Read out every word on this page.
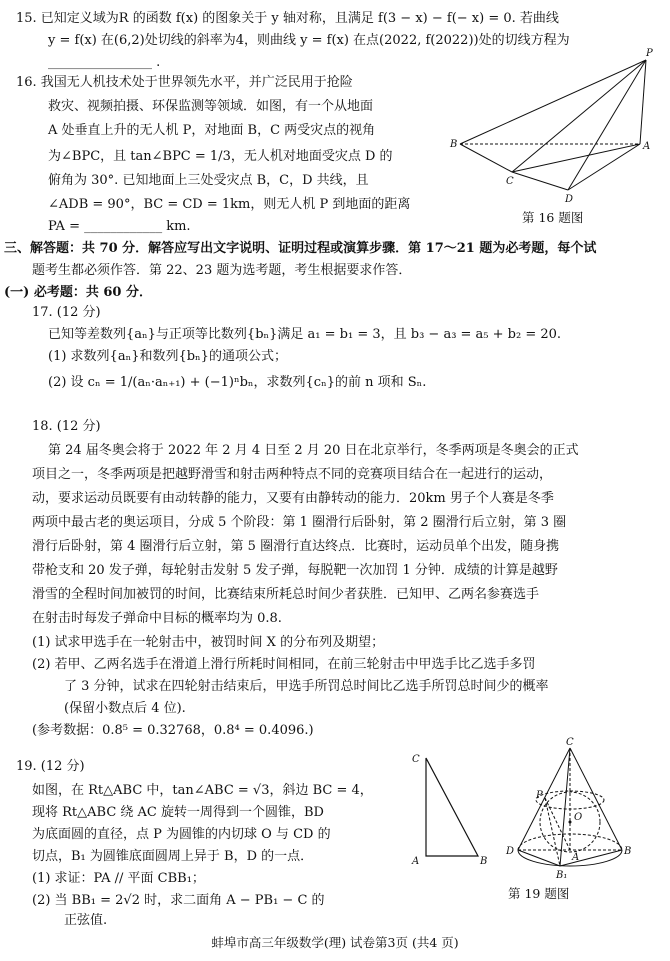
15. 已知定义域为R 的函数 f(x) 的图象关于 y 轴对称，且满足 f(3 − x) − f(− x) = 0. 若曲线
y = f(x) 在(6,2)处切线的斜率为4，则曲线 y = f(x) 在点(2022, f(2022))处的切线方程为
________________ .
16. 我国无人机技术处于世界领先水平，并广泛民用于抢险
救灾、视频拍摄、环保监测等领域．如图，有一个从地面
A 处垂直上升的无人机 P，对地面 B，C 两受灾点的视角
为∠BPC，且 tan∠BPC = 1/3，无人机对地面受灾点 D 的
俯角为 30°. 已知地面上三处受灾点 B，C，D 共线，且
∠ADB = 90°，BC = CD = 1km，则无人机 P 到地面的距离
PA = ____________ km.
P
B	A
C
D
第 16 题图
三、解答题：共 70 分．解答应写出文字说明、证明过程或演算步骤．第 17～21 题为必考题，每个试
题考生都必须作答．第 22、23 题为选考题，考生根据要求作答．
(一) 必考题：共 60 分．
17. (12 分)
已知等差数列{aₙ}与正项等比数列{bₙ}满足 a₁ = b₁ = 3，且 b₃ − a₃ = a₅ + b₂ = 20.
(1) 求数列{aₙ}和数列{bₙ}的通项公式；
(2) 设 cₙ = 1/(aₙ·aₙ₊₁) + (−1)ⁿbₙ，求数列{cₙ}的前 n 项和 Sₙ.
18. (12 分)
第 24 届冬奥会将于 2022 年 2 月 4 日至 2 月 20 日在北京举行，冬季两项是冬奥会的正式
项目之一，冬季两项是把越野滑雪和射击两种特点不同的竞赛项目结合在一起进行的运动，
动，要求运动员既要有由动转静的能力，又要有由静转动的能力．20km 男子个人赛是冬季
两项中最古老的奥运项目，分成 5 个阶段：第 1 圈滑行后卧射，第 2 圈滑行后立射，第 3 圈
滑行后卧射，第 4 圈滑行后立射，第 5 圈滑行直达终点．比赛时，运动员单个出发，随身携
带枪支和 20 发子弹，每轮射击发射 5 发子弹，每脱靶一次加罚 1 分钟．成绩的计算是越野
滑雪的全程时间加被罚的时间，比赛结束所耗总时间少者获胜．已知甲、乙两名参赛选手
在射击时每发子弹命中目标的概率均为 0.8.
(1) 试求甲选手在一轮射击中，被罚时间 X 的分布列及期望；
(2) 若甲、乙两名选手在滑道上滑行所耗时间相同，在前三轮射击中甲选手比乙选手多罚
了 3 分钟，试求在四轮射击结束后，甲选手所罚总时间比乙选手所罚总时间少的概率
(保留小数点后 4 位).
(参考数据：0.8⁵ = 0.32768，0.8⁴ = 0.4096.)
19. (12 分)
如图，在 Rt△ABC 中，tan∠ABC = √3，斜边 BC = 4，
现将 Rt△ABC 绕 AC 旋转一周得到一个圆锥，BD
为底面圆的直径，点 P 为圆锥的内切球 O 与 CD 的
切点，B₁ 为圆锥底面圆周上异于 B，D 的一点．
(1) 求证：PA // 平面 CBB₁；
(2) 当 BB₁ = 2√2 时，求二面角 A − PB₁ − C 的
正弦值.
C
A	B
C
P
O
D
A
B
B₁
第 19 题图
蚌埠市高三年级数学(理) 试卷第3页 (共4 页)
